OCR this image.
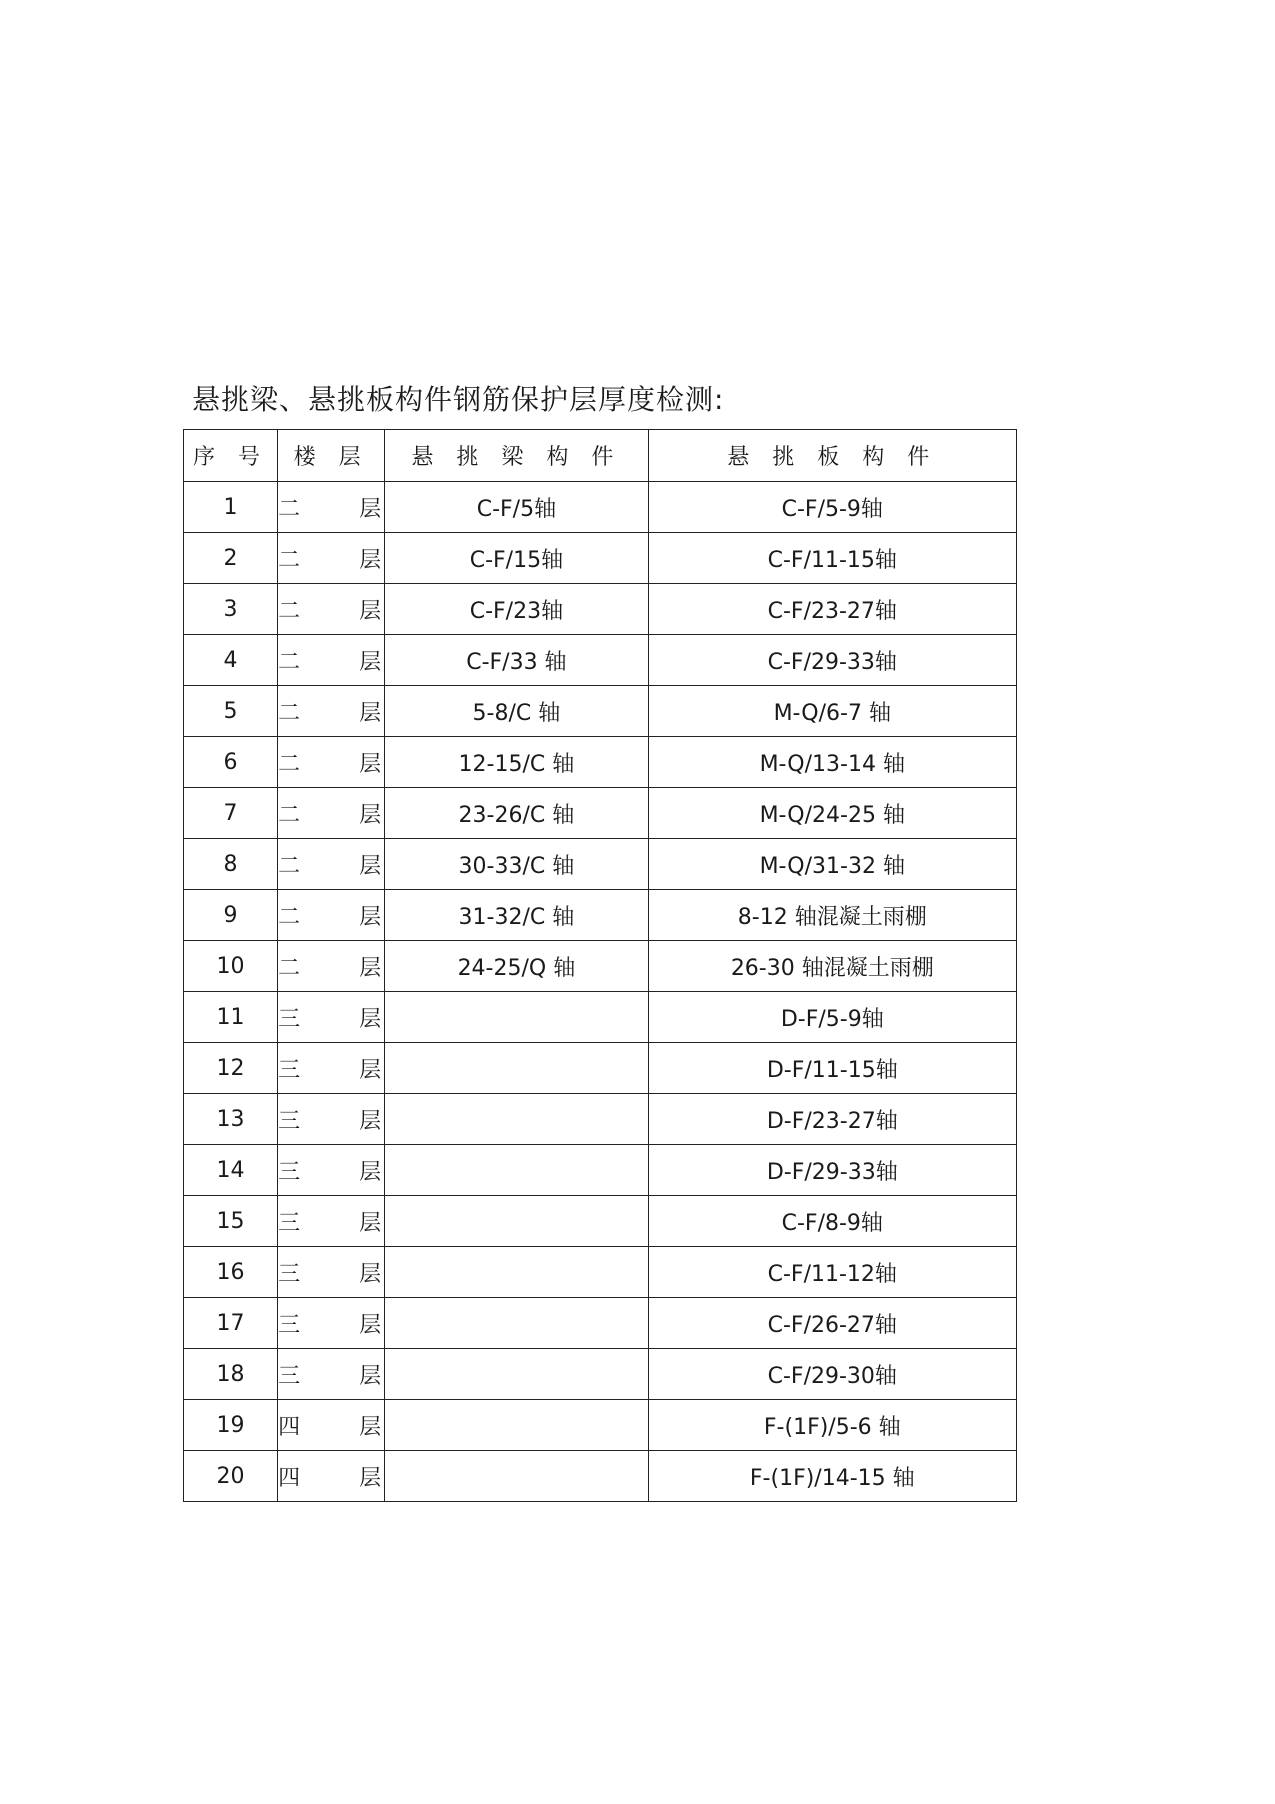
悬挑梁、悬挑板构件钢筋保护层厚度检测:
序 号	楼 层	悬 挑 梁 构 件	悬 挑 板 构 件
1	二 层	C-F/5轴	C-F/5-9轴
2	二 层	C-F/15轴	C-F/11-15轴
3	二 层	C-F/23轴	C-F/23-27轴
4	二 层	C-F/33 轴	C-F/29-33轴
5	二 层	5-8/C 轴	M-Q/6-7 轴
6	二 层	12-15/C 轴	M-Q/13-14 轴
7	二 层	23-26/C 轴	M-Q/24-25 轴
8	二 层	30-33/C 轴	M-Q/31-32 轴
9	二 层	31-32/C 轴	8-12 轴混凝土雨棚
10	二 层	24-25/Q 轴	26-30 轴混凝土雨棚
11	三 层		D-F/5-9轴
12	三 层		D-F/11-15轴
13	三 层		D-F/23-27轴
14	三 层		D-F/29-33轴
15	三 层		C-F/8-9轴
16	三 层		C-F/11-12轴
17	三 层		C-F/26-27轴
18	三 层		C-F/29-30轴
19	四 层		F-(1F)/5-6 轴
20	四 层		F-(1F)/14-15 轴
